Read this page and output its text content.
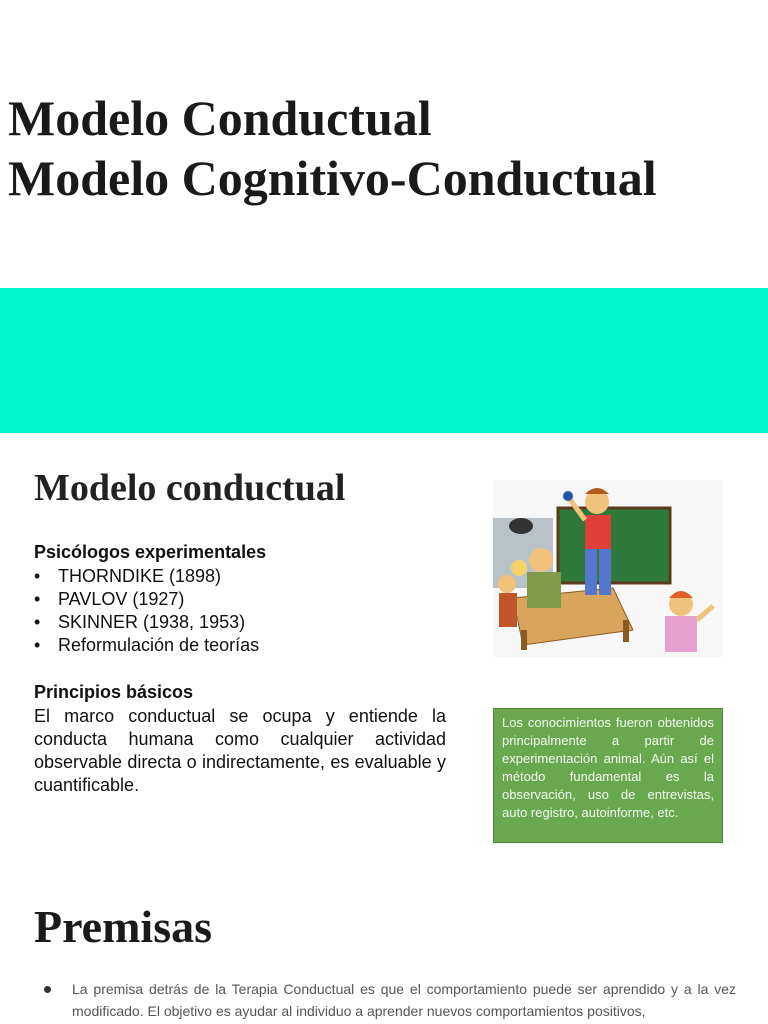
Modelo Conductual
Modelo Cognitivo-Conductual
Modelo conductual

Psicólogos experimentales

• THORNDIKE (1898)
• PAVLOV (1927)
• SKINNER (1938, 1953)
• Reformulación de teorías

Principios básicos

El marco conductual se ocupa y entiende la conducta humana como cualquier actividad observable directa o indirectamente, es evaluable y cuantificable.

Los conocimientos fueron obtenidos principalmente a partir de experimentación animal. Aún así el método fundamental es la observación, uso de entrevistas, auto registro, autoinforme, etc.

Premisas
La premisa detrás de la Terapia Conductual es que el comportamiento puede ser aprendido y a la vez modificado. El objetivo es ayudar al individuo a aprender nuevos comportamientos positivos,
